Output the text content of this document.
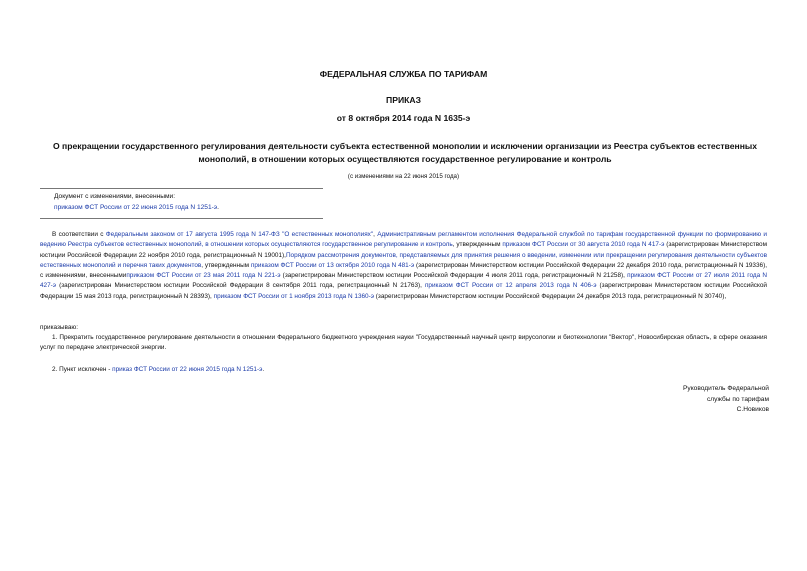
ФЕДЕРАЛЬНАЯ СЛУЖБА ПО ТАРИФАМ
ПРИКАЗ
от 8 октября 2014 года N 1635-э
О прекращении государственного регулирования деятельности субъекта естественной монополии и исключении организации из Реестра субъектов естественных монополий, в отношении которых осуществляются государственное регулирование и контроль
(с изменениями на 22 июня 2015 года)
Документ с изменениями, внесенными:
приказом ФСТ России от 22 июня 2015 года N 1251-э.
В соответствии с Федеральным законом от 17 августа 1995 года N 147-ФЗ "О естественных монополиях", Административным регламентом исполнения Федеральной службой по тарифам государственной функции по формированию и ведению Реестра субъектов естественных монополий, в отношении которых осуществляются государственное регулирование и контроль, утвержденным приказом ФСТ России от 30 августа 2010 года N 417-э (зарегистрирован Министерством юстиции Российской Федерации 22 ноября 2010 года, регистрационный N 19001),Порядком рассмотрения документов, представляемых для принятия решения о введении, изменении или прекращении регулирования деятельности субъектов естественных монополий и перечня таких документов, утвержденным приказом ФСТ России от 13 октября 2010 года N 481-э (зарегистрирован Министерством юстиции Российской Федерации 22 декабря 2010 года, регистрационный N 19336), с изменениями, внесеннымиприказом ФСТ России от 23 мая 2011 года N 221-э (зарегистрирован Министерством юстиции Российской Федерации 4 июля 2011 года, регистрационный N 21258), приказом ФСТ России от 27 июля 2011 года N 427-э (зарегистрирован Министерством юстиции Российской Федерации 8 сентября 2011 года, регистрационный N 21763), приказом ФСТ России от 12 апреля 2013 года N 406-э (зарегистрирован Министерством юстиции Российской Федерации 15 мая 2013 года, регистрационный N 28393), приказом ФСТ России от 1 ноября 2013 года N 1360-э (зарегистрирован Министерством юстиции Российской Федерации 24 декабря 2013 года, регистрационный N 30740),
приказываю:
1. Прекратить государственное регулирование деятельности в отношении Федерального бюджетного учреждения науки "Государственный научный центр вирусологии и биотехнологии "Вектор", Новосибирская область, в сфере оказания услуг по передаче электрической энергии.
2. Пункт исключен - приказ ФСТ России от 22 июня 2015 года N 1251-э.
Руководитель Федеральной
службы по тарифам
С.Новиков
